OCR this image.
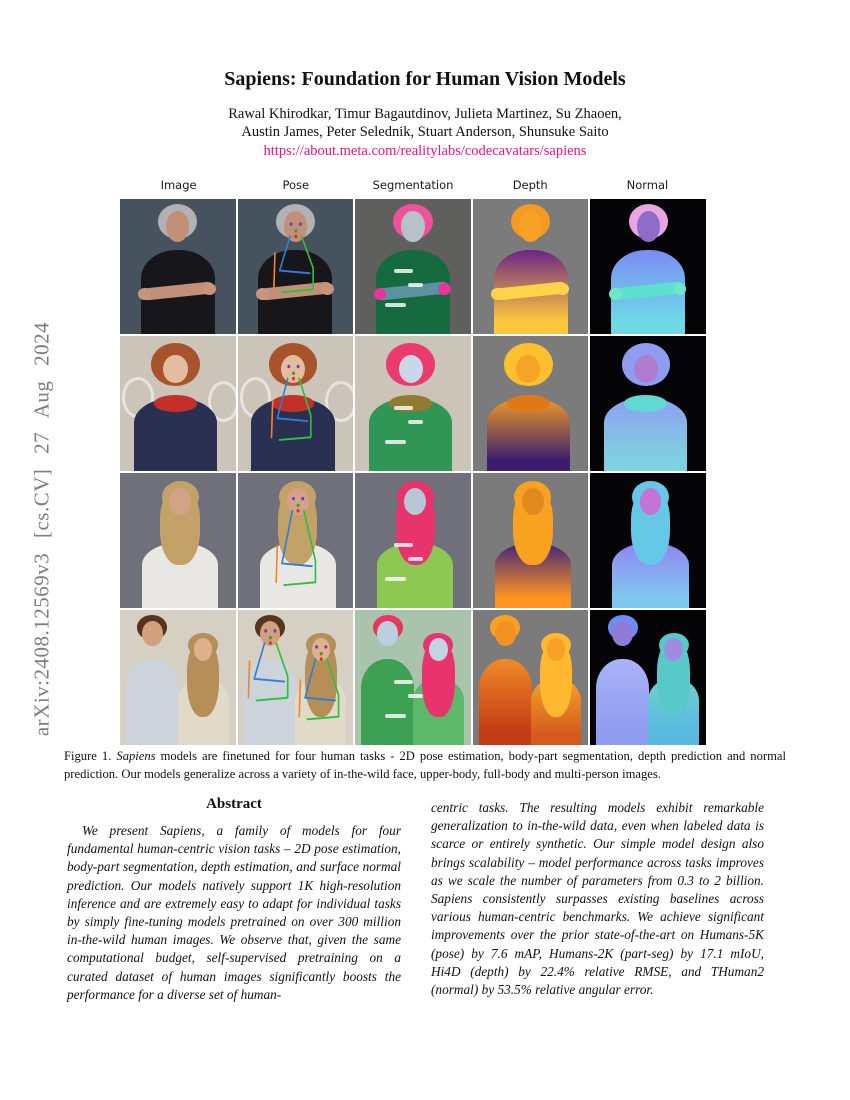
arXiv:2408.12569v3 [cs.CV] 27 Aug 2024
Sapiens: Foundation for Human Vision Models
Rawal Khirodkar, Timur Bagautdinov, Julieta Martinez, Su Zhaoen,
Austin James, Peter Selednik, Stuart Anderson, Shunsuke Saito
https://about.meta.com/realitylabs/codecavatars/sapiens
Image	Pose	Segmentation	Depth	Normal
Figure 1. Sapiens models are finetuned for four human tasks - 2D pose estimation, body-part segmentation, depth prediction and normal prediction. Our models generalize across a variety of in-the-wild face, upper-body, full-body and multi-person images.
Abstract

We present Sapiens, a family of models for four fundamental human-centric vision tasks – 2D pose estimation, body-part segmentation, depth estimation, and surface normal prediction. Our models natively support 1K high-resolution inference and are extremely easy to adapt for individual tasks by simply fine-tuning models pretrained on over 300 million in-the-wild human images. We observe that, given the same computational budget, self-supervised pretraining on a curated dataset of human images significantly boosts the performance for a diverse set of human-

centric tasks. The resulting models exhibit remarkable generalization to in-the-wild data, even when labeled data is scarce or entirely synthetic. Our simple model design also brings scalability – model performance across tasks improves as we scale the number of parameters from 0.3 to 2 billion. Sapiens consistently surpasses existing baselines across various human-centric benchmarks. We achieve significant improvements over the prior state-of-the-art on Humans-5K (pose) by 7.6 mAP, Humans-2K (part-seg) by 17.1 mIoU, Hi4D (depth) by 22.4% relative RMSE, and THuman2 (normal) by 53.5% relative angular error.
